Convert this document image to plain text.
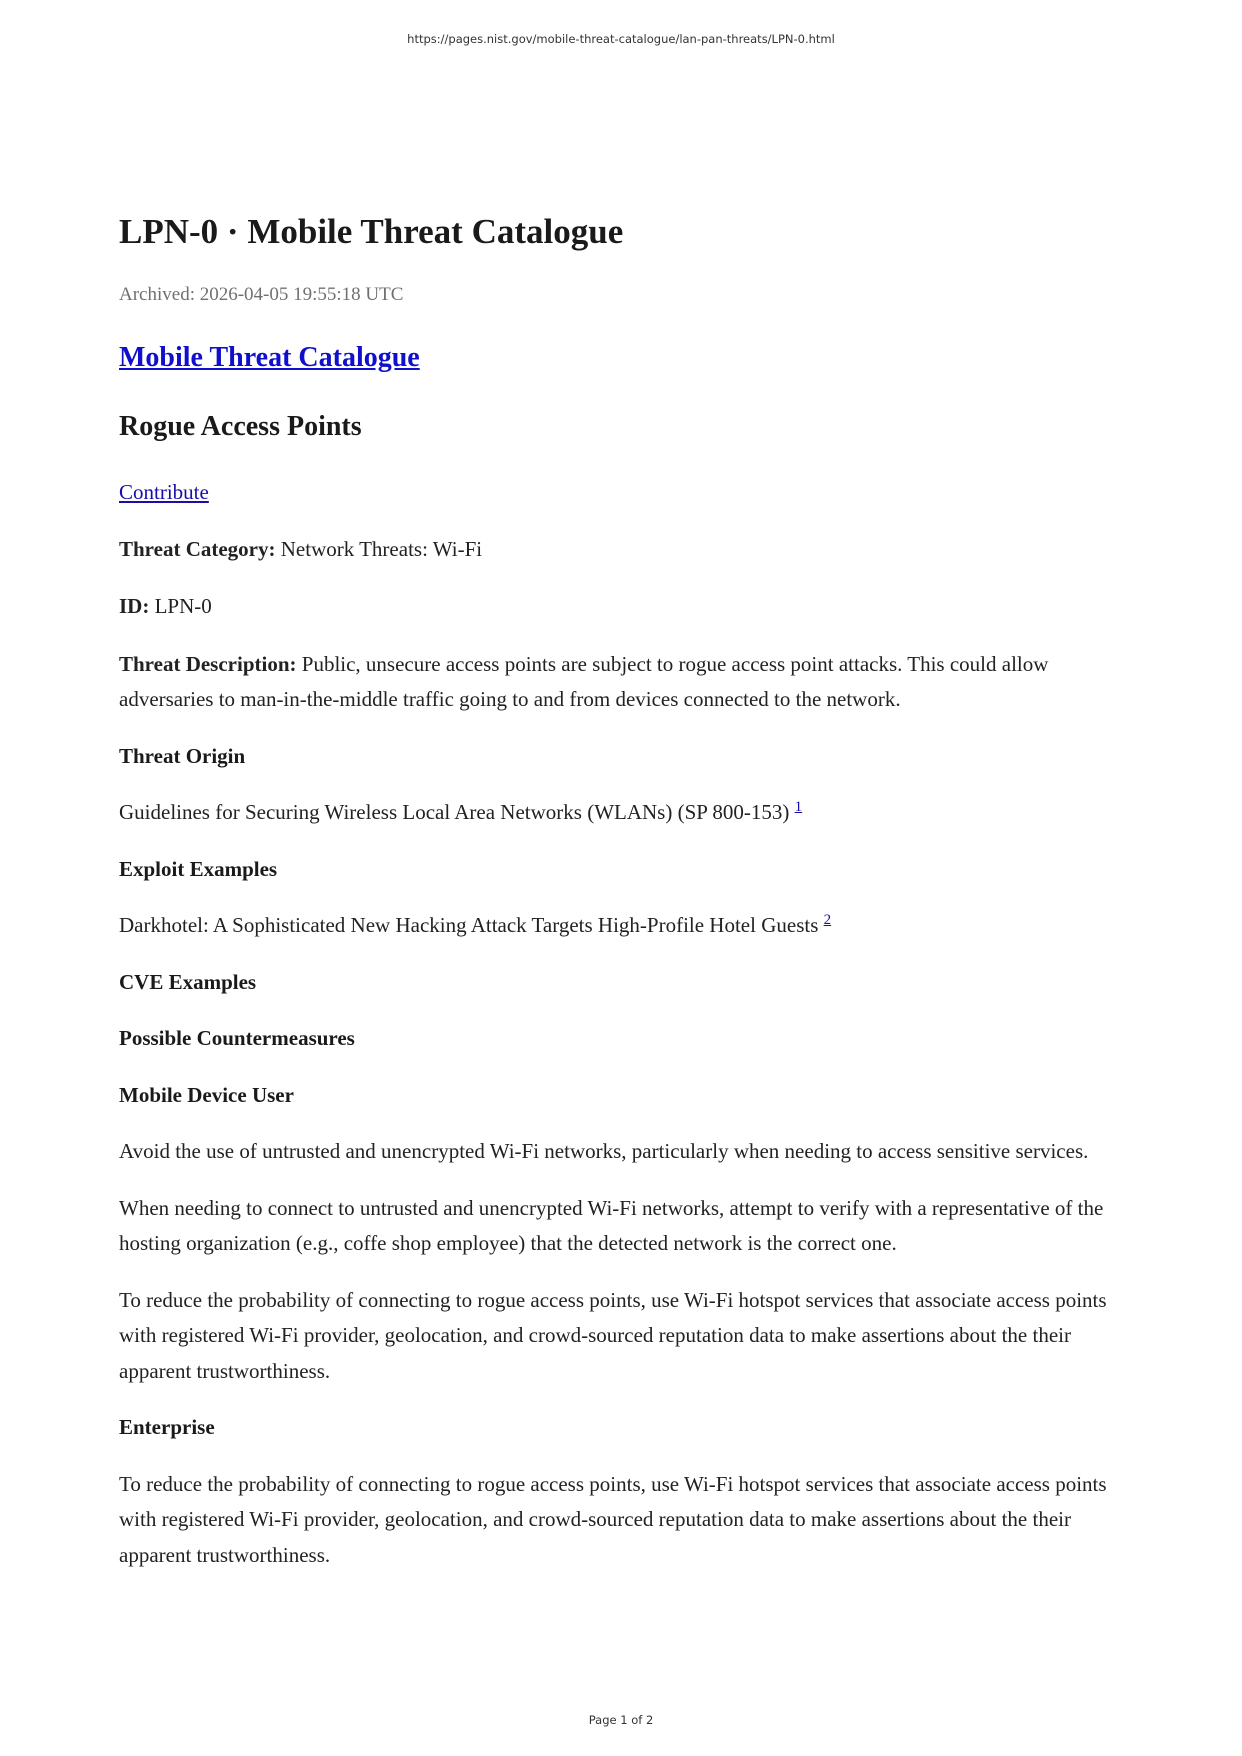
https://pages.nist.gov/mobile-threat-catalogue/lan-pan-threats/LPN-0.html
LPN-0 · Mobile Threat Catalogue
Archived: 2026-04-05 19:55:18 UTC
Mobile Threat Catalogue
Rogue Access Points

Contribute

Threat Category: Network Threats: Wi-Fi

ID: LPN-0

Threat Description: Public, unsecure access points are subject to rogue access point attacks. This could allow adversaries to man-in-the-middle traffic going to and from devices connected to the network.

Threat Origin

Guidelines for Securing Wireless Local Area Networks (WLANs) (SP 800-153) $^1$

Exploit Examples

Darkhotel: A Sophisticated New Hacking Attack Targets High-Profile Hotel Guests $^2$

CVE Examples
Possible Countermeasures
Mobile Device User

Avoid the use of untrusted and unencrypted Wi-Fi networks, particularly when needing to access sensitive services.

When needing to connect to untrusted and unencrypted Wi-Fi networks, attempt to verify with a representative of the hosting organization (e.g., coffe shop employee) that the detected network is the correct one.

To reduce the probability of connecting to rogue access points, use Wi-Fi hotspot services that associate access points with registered Wi-Fi provider, geolocation, and crowd-sourced reputation data to make assertions about the their apparent trustworthiness.

Enterprise

To reduce the probability of connecting to rogue access points, use Wi-Fi hotspot services that associate access points with registered Wi-Fi provider, geolocation, and crowd-sourced reputation data to make assertions about the their apparent trustworthiness.

Page 1 of 2
